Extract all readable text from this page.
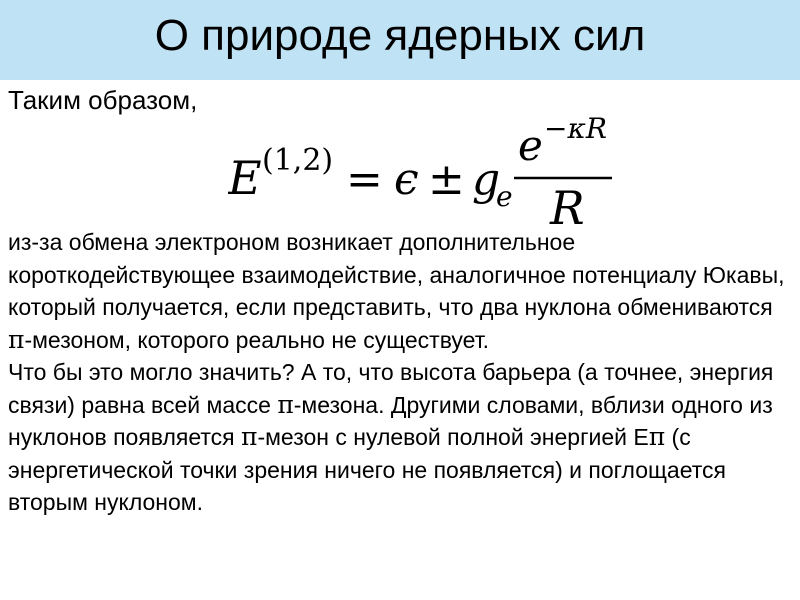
О природе ядерных сил
Таким образом,
E (1,2) = ϵ ± g
e
e −κR
R

из-за обмена электроном возникает дополнительное короткодействующее взаимодействие, аналогичное потенциалу Юкавы, который получается, если представить, что два нуклона обмениваются π-мезоном, которого реально не существует.

Что бы это могло значить? А то, что высота барьера (а точнее, энергия связи) равна всей массе π-мезона. Другими словами, вблизи одного из нуклонов появляется π-мезон с нулевой полной энергией Eπ (с энергетической точки зрения ничего не появляется) и поглощается вторым нуклоном.
